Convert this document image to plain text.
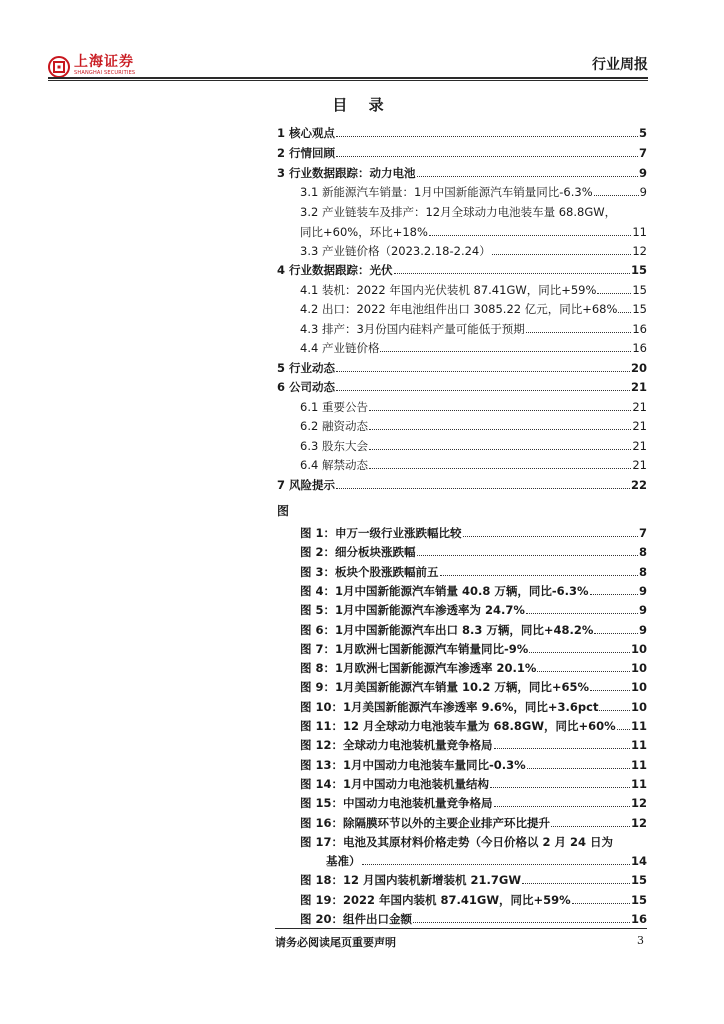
上海证券
SHANGHAI SECURITIES	行业周报
目 录
1 核心观点	5
2 行情回顾	7
3 行业数据跟踪：动力电池	9
3.1 新能源汽车销量：1月中国新能源汽车销量同比-6.3%	9
3.2 产业链装车及排产：12月全球动力电池装车量 68.8GW，
同比+60%，环比+18%	11
3.3 产业链价格（2023.2.18-2.24）	12
4 行业数据跟踪：光伏	15
4.1 装机：2022 年国内光伏装机 87.41GW，同比+59%	15
4.2 出口：2022 年电池组件出口 3085.22 亿元，同比+68% 15
4.3 排产：3月份国内硅料产量可能低于预期	16
4.4 产业链价格	16
5 行业动态	20
6 公司动态	21
6.1 重要公告	21
6.2 融资动态	21
6.3 股东大会	21
6.4 解禁动态	21
7 风险提示	22
图
图 1：申万一级行业涨跌幅比较	7
图 2：细分板块涨跌幅	8
图 3：板块个股涨跌幅前五	8
图 4：1月中国新能源汽车销量 40.8 万辆，同比-6.3%	9
图 5：1月中国新能源汽车渗透率为 24.7%	9
图 6：1月中国新能源汽车出口 8.3 万辆，同比+48.2%	9
图 7：1月欧洲七国新能源汽车销量同比-9%	10
图 8：1月欧洲七国新能源汽车渗透率 20.1%	10
图 9：1月美国新能源汽车销量 10.2 万辆，同比+65%	10
图 10：1月美国新能源汽车渗透率 9.6%，同比+3.6pct	10
图 11：12 月全球动力电池装车量为 68.8GW，同比+60% 11
图 12：全球动力电池装机量竞争格局	11
图 13：1月中国动力电池装车量同比-0.3%	11
图 14：1月中国动力电池装机量结构	11
图 15：中国动力电池装机量竞争格局	12
图 16：除隔膜环节以外的主要企业排产环比提升	12
图 17：电池及其原材料价格走势（今日价格以 2 月 24 日为
基准）	14
图 18：12 月国内装机新增装机 21.7GW	15
图 19：2022 年国内装机 87.41GW，同比+59%	15
图 20：组件出口金额	16
请务必阅读尾页重要声明	3
